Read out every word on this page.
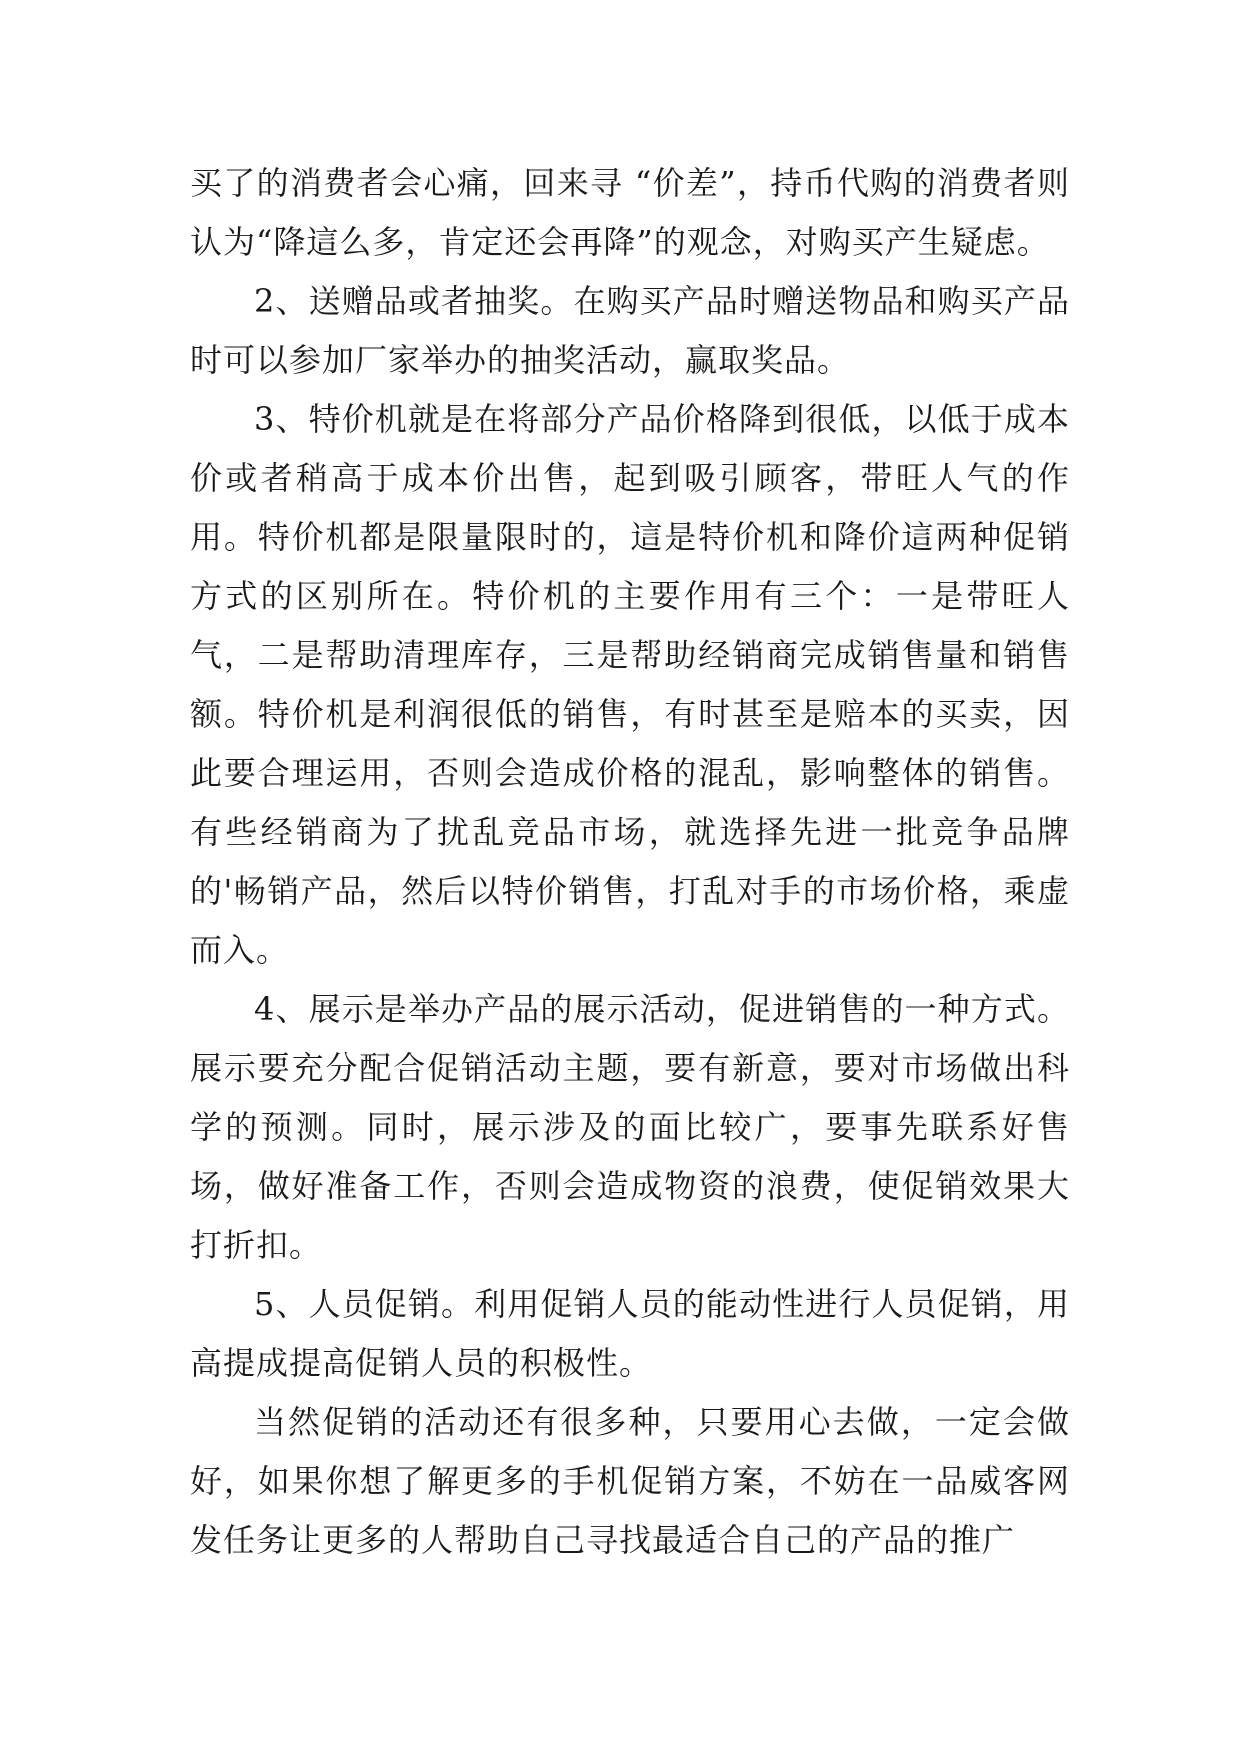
买了的消费者会心痛，回来寻 “价差”，持币代购的消费者则认为“降這么多，肯定还会再降”的观念，对购买产生疑虑。

2、送赠品或者抽奖。在购买产品时赠送物品和购买产品时可以参加厂家举办的抽奖活动，赢取奖品。

3、特价机就是在将部分产品价格降到很低，以低于成本价或者稍高于成本价出售，起到吸引顾客，带旺人气的作用。特价机都是限量限时的，這是特价机和降价這两种促销方式的区别所在。特价机的主要作用有三个：一是带旺人气，二是帮助清理库存，三是帮助经销商完成销售量和销售额。特价机是利润很低的销售，有时甚至是赔本的买卖，因此要合理运用，否则会造成价格的混乱，影响整体的销售。有些经销商为了扰乱竞品市场，就选择先进一批竞争品牌的'畅销产品，然后以特价销售，打乱对手的市场价格，乘虚而入。

4、展示是举办产品的展示活动，促进销售的一种方式。展示要充分配合促销活动主题，要有新意，要对市场做出科学的预测。同时，展示涉及的面比较广，要事先联系好售场，做好准备工作，否则会造成物资的浪费，使促销效果大打折扣。

5、人员促销。利用促销人员的能动性进行人员促销，用高提成提高促销人员的积极性。

当然促销的活动还有很多种，只要用心去做，一定会做好，如果你想了解更多的手机促销方案，不妨在一品威客网发任务让更多的人帮助自己寻找最适合自己的产品的推广
